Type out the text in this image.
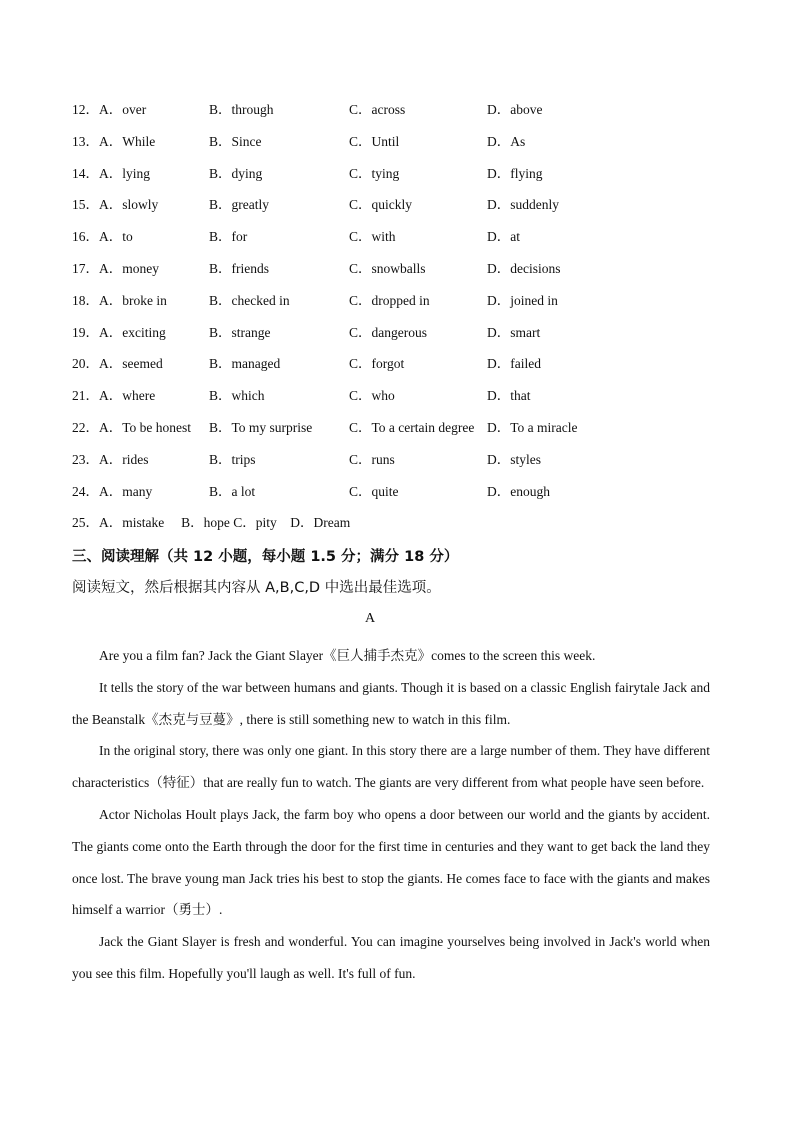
12．A．over	B．through	C．across	D．above
13．A．While	B．Since	C．Until	D．As
14．A．lying	B．dying	C．tying	D．flying
15．A．slowly	B．greatly	C．quickly	D．suddenly
16．A．to	B．for	C．with	D．at
17．A．money	B．friends	C．snowballs	D．decisions
18．A．broke in	B．checked in	C．dropped in	D．joined in
19．A．exciting	B．strange	C．dangerous	D．smart
20．A．seemed	B．managed	C．forgot	D．failed
21．A．where	B．which	C．who	D．that
22．A．To be honest B．To my surprise	C．To a certain degree D．To a miracle
23．A．rides	B．trips	C．runs	D．styles
24．A．many	B．a lot	C．quite	D．enough
25．A．mistake　 B．hope C．pity　D．Dream
三、阅读理解（共 12 小题，每小题 1.5 分；满分 18 分）
阅读短文，然后根据其内容从 A,B,C,D 中选出最佳选项。
A

Are you a film fan? Jack the Giant Slayer《巨人捕手杰克》comes to the screen this week.

It tells the story of the war between humans and giants. Though it is based on a classic English fairytale Jack and the Beanstalk《杰克与豆蔓》, there is still something new to watch in this film.

In the original story, there was only one giant. In this story there are a large number of them. They have different characteristics（特征）that are really fun to watch. The giants are very different from what people have seen before.

Actor Nicholas Hoult plays Jack, the farm boy who opens a door between our world and the giants by accident. The giants come onto the Earth through the door for the first time in centuries and they want to get back the land they once lost. The brave young man Jack tries his best to stop the giants. He comes face to face with the giants and makes himself a warrior（勇士）.

Jack the Giant Slayer is fresh and wonderful. You can imagine yourselves being involved in Jack's world when you see this film. Hopefully you'll laugh as well. It's full of fun.
